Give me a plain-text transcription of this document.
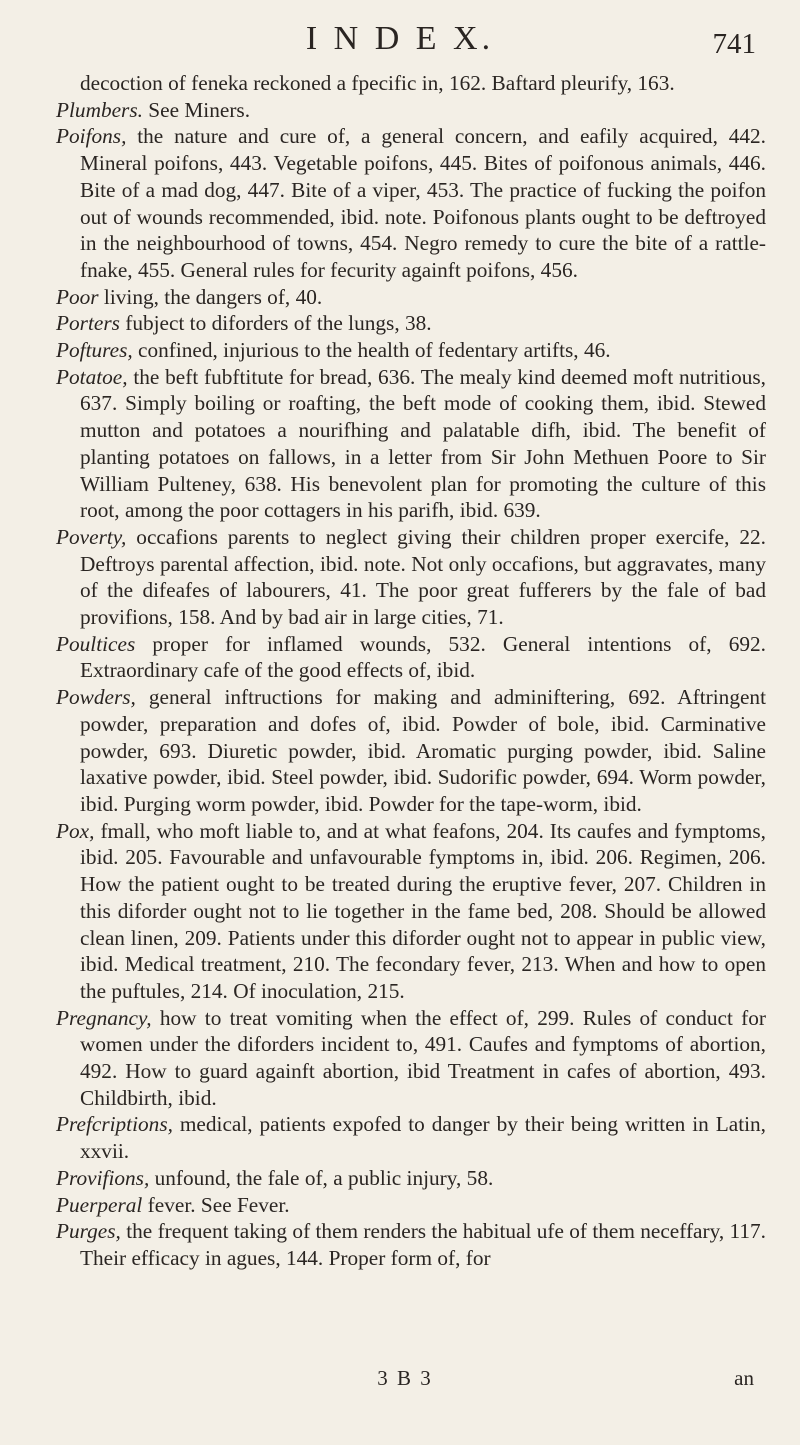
I N D E X.	741

decoction of feneka reckoned a fpecific in, 162. Baftard pleurify, 163.

Plumbers. See Miners.

Poifons, the nature and cure of, a general concern, and eafily acquired, 442. Mineral poifons, 443. Vegetable poifons, 445. Bites of poifonous animals, 446. Bite of a mad dog, 447. Bite of a viper, 453. The practice of fucking the poifon out of wounds recommended, ibid. note. Poifonous plants ought to be deftroyed in the neighbourhood of towns, 454. Negro remedy to cure the bite of a rattle-fnake, 455. General rules for fecurity againft poifons, 456.

Poor living, the dangers of, 40.

Porters fubject to diforders of the lungs, 38.

Poftures, confined, injurious to the health of fedentary artifts, 46.

Potatoe, the beft fubftitute for bread, 636. The mealy kind deemed moft nutritious, 637. Simply boiling or roafting, the beft mode of cooking them, ibid. Stewed mutton and potatoes a nourifhing and palatable difh, ibid. The benefit of planting potatoes on fallows, in a letter from Sir John Methuen Poore to Sir William Pulteney, 638. His benevolent plan for promoting the culture of this root, among the poor cottagers in his parifh, ibid. 639.

Poverty, occafions parents to neglect giving their children proper exercife, 22. Deftroys parental affection, ibid. note. Not only occafions, but aggravates, many of the difeafes of labourers, 41. The poor great fufferers by the fale of bad provifions, 158. And by bad air in large cities, 71.

Poultices proper for inflamed wounds, 532. General intentions of, 692. Extraordinary cafe of the good effects of, ibid.

Powders, general inftructions for making and adminiftering, 692. Aftringent powder, preparation and dofes of, ibid. Powder of bole, ibid. Carminative powder, 693. Diuretic powder, ibid. Aromatic purging powder, ibid. Saline laxative powder, ibid. Steel powder, ibid. Sudorific powder, 694. Worm powder, ibid. Purging worm powder, ibid. Powder for the tape-worm, ibid.

Pox, fmall, who moft liable to, and at what feafons, 204. Its caufes and fymptoms, ibid. 205. Favourable and unfavourable fymptoms in, ibid. 206. Regimen, 206. How the patient ought to be treated during the eruptive fever, 207. Children in this diforder ought not to lie together in the fame bed, 208. Should be allowed clean linen, 209. Patients under this diforder ought not to appear in public view, ibid. Medical treatment, 210. The fecondary fever, 213. When and how to open the puftules, 214. Of inoculation, 215.

Pregnancy, how to treat vomiting when the effect of, 299. Rules of conduct for women under the diforders incident to, 491. Caufes and fymptoms of abortion, 492. How to guard againft abortion, ibid Treatment in cafes of abortion, 493. Childbirth, ibid.

Prefcriptions, medical, patients expofed to danger by their being written in Latin, xxvii.

Provifions, unfound, the fale of, a public injury, 58.

Puerperal fever. See Fever.

Purges, the frequent taking of them renders the habitual ufe of them neceffary, 117. Their efficacy in agues, 144. Proper form of, for

3 B 3	an
